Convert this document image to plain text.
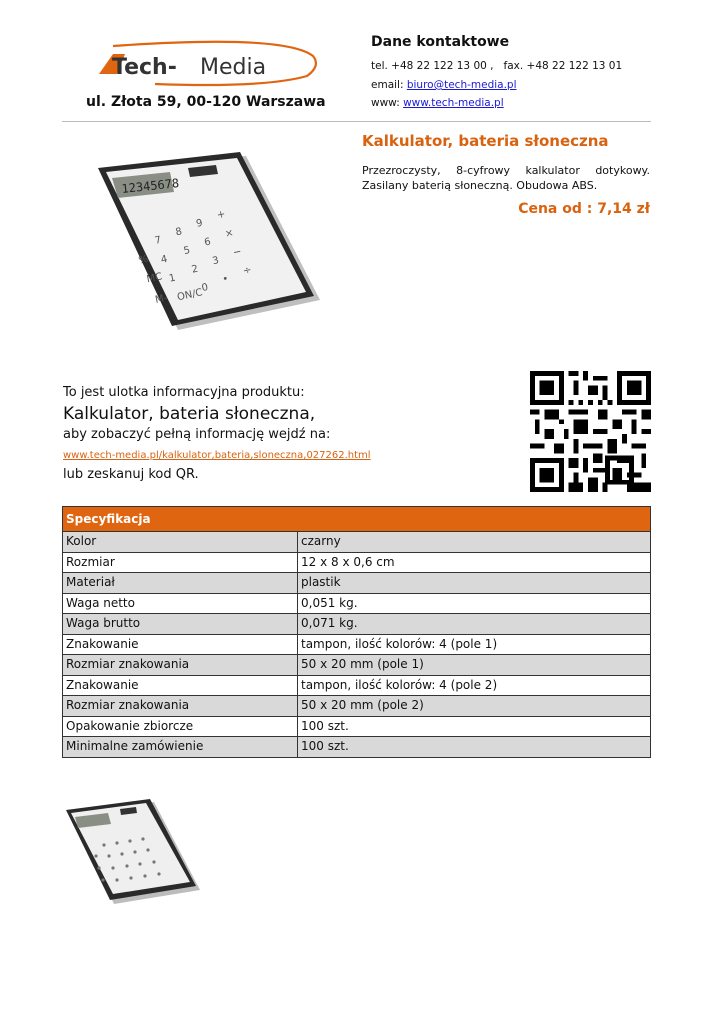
Tech- Media
ul. Złota 59, 00-120 Warszawa
Dane kontaktowe
tel. +48 22 122 13 00 , fax. +48 22 122 13 01
email: biuro@tech-media.pl
www: www.tech-media.pl
12345678
7
8
9
+
% 4
5
6
×
MC 1
2
3
−
M- ON/C
0
•
÷
Kalkulator, bateria słoneczna
Przezroczysty, 8-cyfrowy kalkulator dotykowy. Zasilany baterią słoneczną. Obudowa ABS.
Cena od : 7,14 zł
To jest ulotka informacyjna produktu:
Kalkulator, bateria słoneczna,
aby zobaczyć pełną informację wejdź na:
www.tech-media.pl/kalkulator,bateria,sloneczna,027262.html
lub zeskanuj kod QR.
Specyfikacja	
Kolor	czarny
Rozmiar	12 x 8 x 0,6 cm
Materiał	plastik
Waga netto	0,051 kg.
Waga brutto	0,071 kg.
Znakowanie	tampon, ilość kolorów: 4 (pole 1)
Rozmiar znakowania	50 x 20 mm (pole 1)
Znakowanie	tampon, ilość kolorów: 4 (pole 2)
Rozmiar znakowania	50 x 20 mm (pole 2)
Opakowanie zbiorcze	100 szt.
Minimalne zamówienie	100 szt.
